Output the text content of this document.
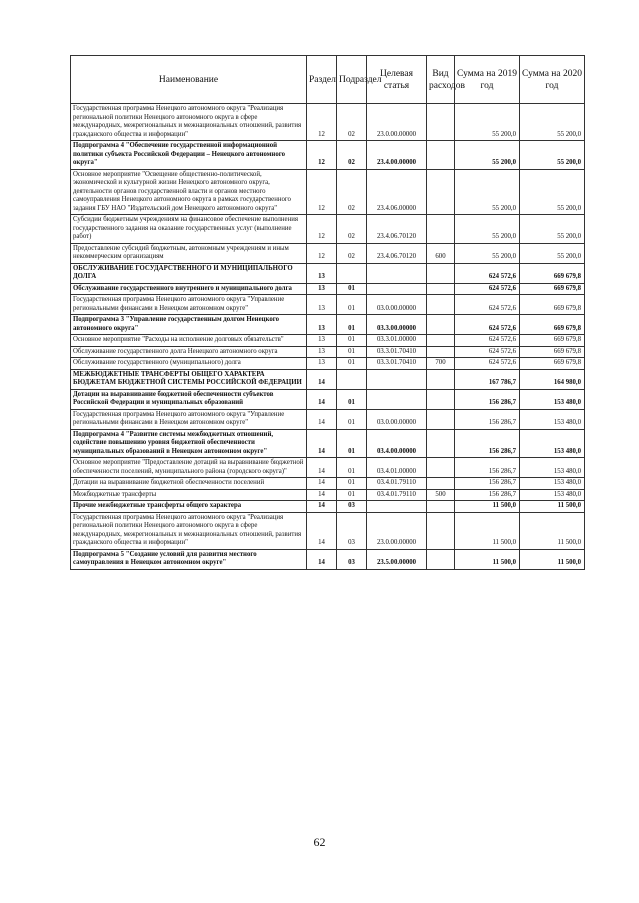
Наименование	Раздел	Подраздел	Целевая статья	Вид расходов	Сумма на 2019 год	Сумма на 2020 год
Государственная программа Ненецкого автономного округа "Реализация региональной политики Ненецкого автономного округа в сфере международных, межрегиональных и межнациональных отношений, развития гражданского общества и информации"	12	02	23.0.00.00000		55 200,0	55 200,0
Подпрограмма 4 "Обеспечение государственной информационной политики субъекта Российской Федерации – Ненецкого автономного округа"	12	02	23.4.00.00000		55 200,0	55 200,0
Основное мероприятие "Освещение общественно-политической, экономической и культурной жизни Ненецкого автономного округа, деятельности органов государственной власти и органов местного самоуправления Ненецкого автономного округа в рамках государственного задания ГБУ НАО "Издательский дом Ненецкого автономного округа"	12	02	23.4.06.00000		55 200,0	55 200,0
Субсидии бюджетным учреждениям на финансовое обеспечение выполнения государственного задания на оказание государственных услуг (выполнение работ)	12	02	23.4.06.70120		55 200,0	55 200,0
Предоставление субсидий бюджетным, автономным учреждениям и иным некоммерческим организациям	12	02	23.4.06.70120	600	55 200,0	55 200,0
ОБСЛУЖИВАНИЕ ГОСУДАРСТВЕННОГО И МУНИЦИПАЛЬНОГО ДОЛГА	13				624 572,6	669 679,8
Обслуживание государственного внутреннего и муниципального долга	13	01			624 572,6	669 679,8
Государственная программа Ненецкого автономного округа "Управление региональными финансами в Ненецком автономном округе"	13	01	03.0.00.00000		624 572,6	669 679,8
Подпрограмма 3 "Управление государственным долгом Ненецкого автономного округа"	13	01	03.3.00.00000		624 572,6	669 679,8
Основное мероприятие "Расходы на исполнение долговых обязательств"	13	01	03.3.01.00000		624 572,6	669 679,8
Обслуживание государственного долга Ненецкого автономного округа	13	01	03.3.01.70410		624 572,6	669 679,8
Обслуживание государственного (муниципального) долга	13	01	03.3.01.70410	700	624 572,6	669 679,8
МЕЖБЮДЖЕТНЫЕ ТРАНСФЕРТЫ ОБЩЕГО ХАРАКТЕРА БЮДЖЕТАМ БЮДЖЕТНОЙ СИСТЕМЫ РОССИЙСКОЙ ФЕДЕРАЦИИ	14				167 786,7	164 980,0
Дотации на выравнивание бюджетной обеспеченности субъектов Российской Федерации и муниципальных образований	14	01			156 286,7	153 480,0
Государственная программа Ненецкого автономного округа "Управление региональными финансами в Ненецком автономном округе"	14	01	03.0.00.00000		156 286,7	153 480,0
Подпрограмма 4 "Развитие системы межбюджетных отношений, содействие повышению уровня бюджетной обеспеченности муниципальных образований в Ненецком автономном округе"	14	01	03.4.00.00000		156 286,7	153 480,0
Основное мероприятие "Предоставление дотаций на выравнивание бюджетной обеспеченности поселений, муниципального района (городского округа)"	14	01	03.4.01.00000		156 286,7	153 480,0
Дотации на выравнивание бюджетной обеспеченности поселений	14	01	03.4.01.79110		156 286,7	153 480,0
Межбюджетные трансферты	14	01	03.4.01.79110	500	156 286,7	153 480,0
Прочие межбюджетные трансферты общего характера	14	03			11 500,0	11 500,0
Государственная программа Ненецкого автономного округа "Реализация региональной политики Ненецкого автономного округа в сфере международных, межрегиональных и межнациональных отношений, развития гражданского общества и информации"	14	03	23.0.00.00000		11 500,0	11 500,0
Подпрограмма 5 "Создание условий для развития местного самоуправления в Ненецком автономном округе"	14	03	23.5.00.00000		11 500,0	11 500,0
62
